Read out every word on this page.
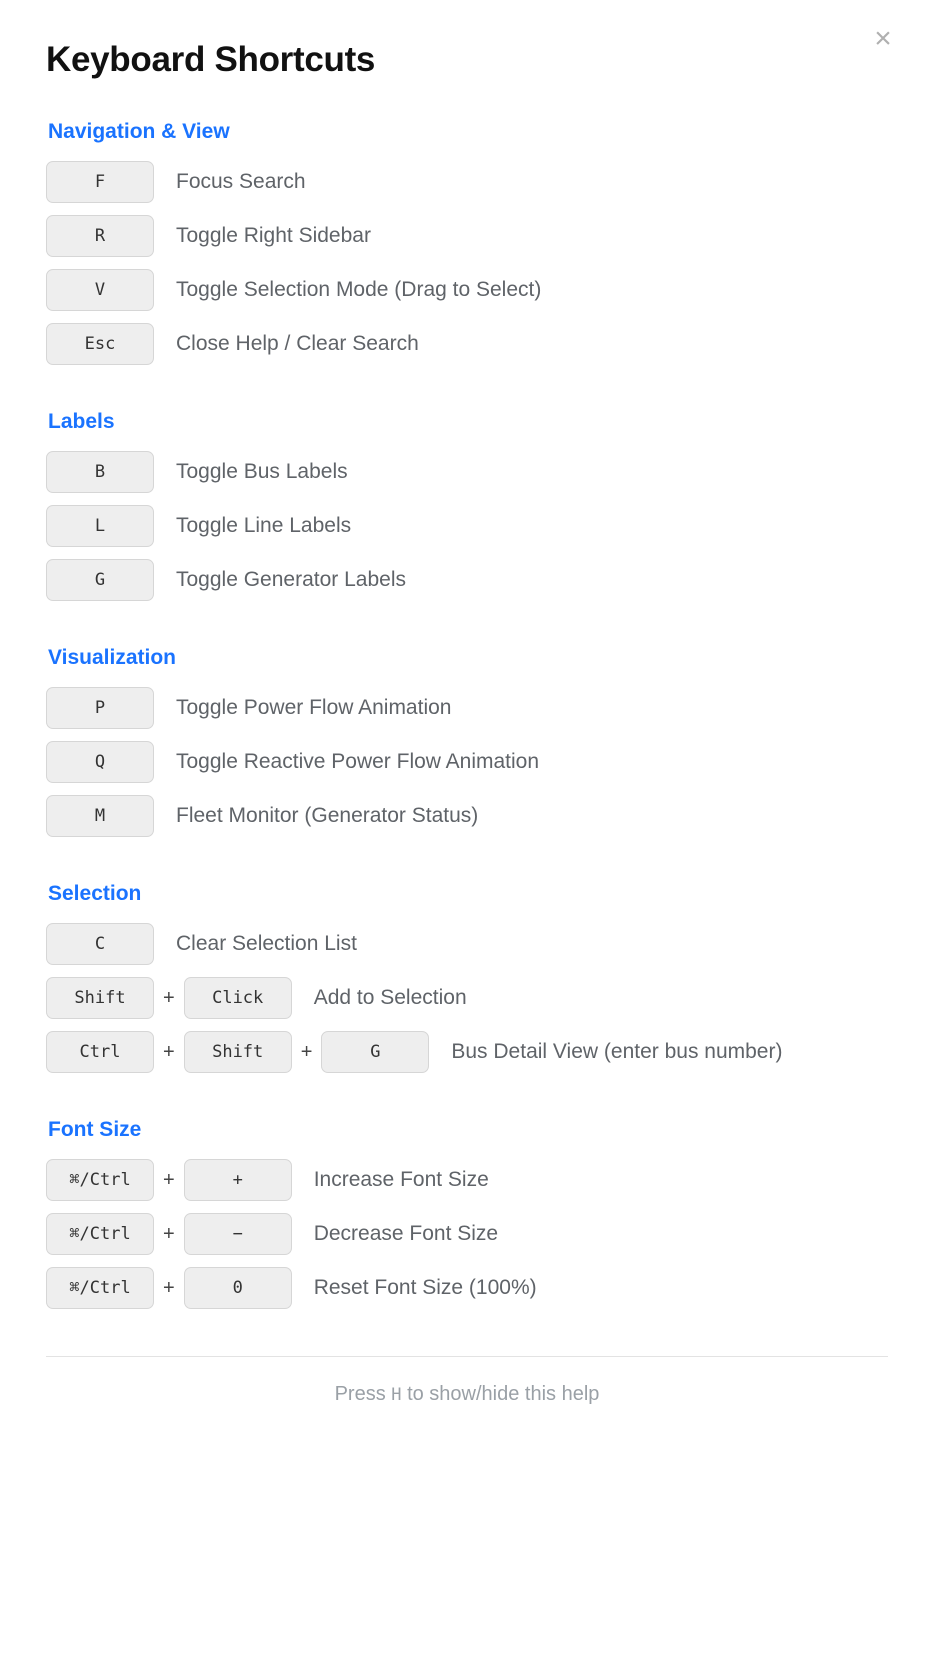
×
Keyboard Shortcuts
Navigation & View
F	Focus Search
R	Toggle Right Sidebar
V	Toggle Selection Mode (Drag to Select)
Esc	Close Help / Clear Search
Labels
B	Toggle Bus Labels
L	Toggle Line Labels
G	Toggle Generator Labels
Visualization
P	Toggle Power Flow Animation
Q	Toggle Reactive Power Flow Animation
M	Fleet Monitor (Generator Status)
Selection
C	Clear Selection List
Shift	+	Click	Add to Selection
Ctrl	+	Shift	+	G	Bus Detail View (enter bus number)
Font Size
⌘/Ctrl	+	+	Increase Font Size
⌘/Ctrl	+	−	Decrease Font Size
⌘/Ctrl	+	0	Reset Font Size (100%)
Press H to show/hide this help
